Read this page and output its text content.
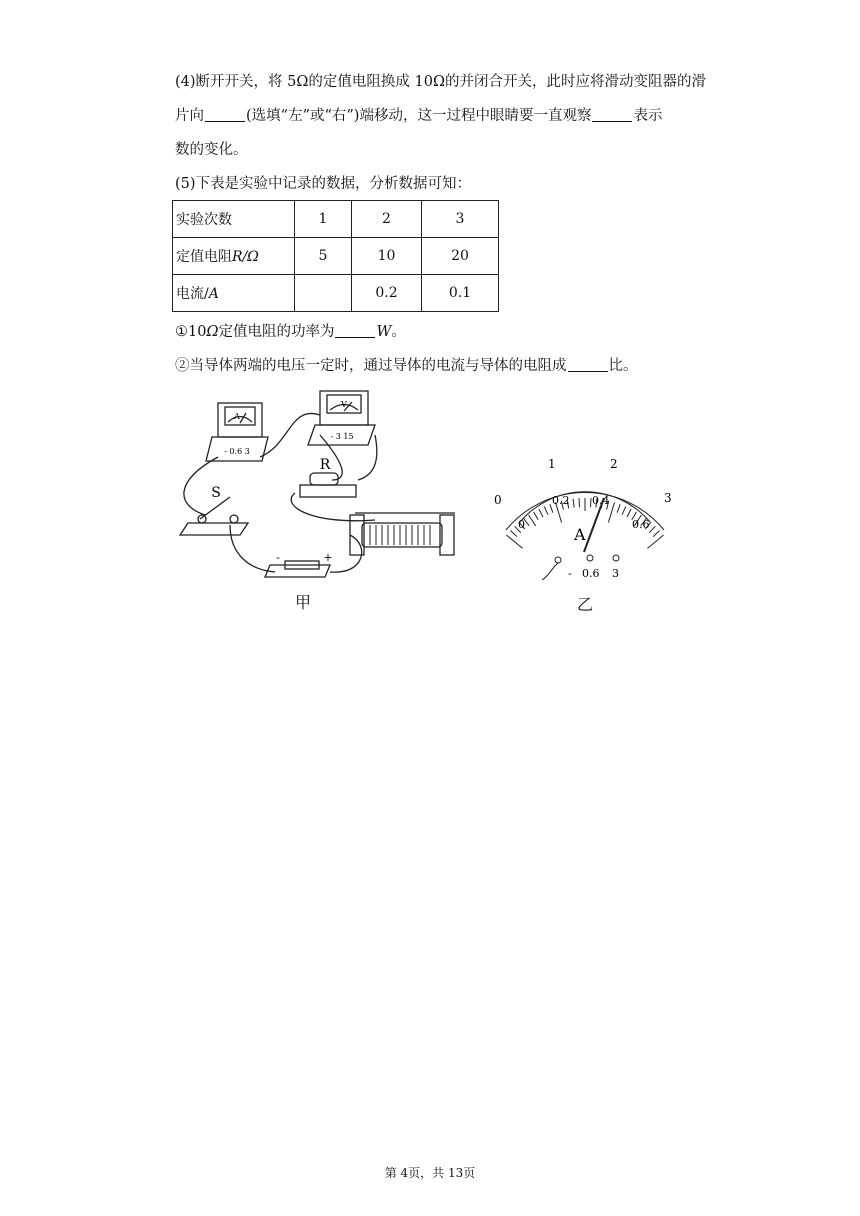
(4)断开开关，将 5Ω的定值电阻换成 10Ω的并闭合开关，此时应将滑动变阻器的滑
片向	(选填“左”或“右”)端移动，这一过程中眼睛要一直观察	表示
数的变化。
(5)下表是实验中记录的数据，分析数据可知：
实验次数	1	2	3
定值电阻R/Ω	5	10	20
电流/A		0.2	0.1
①10Ω定值电阻的功率为	W。
②当导体两端的电压一定时，通过导体的电流与导体的电阻成	比。
A
- 0.6 3
V
- 3 15
R
S
-	+
甲
0
1	2
3
0
0.2 0.4
0.6
A
- 0.6 3
乙
第 4页，共 13页
